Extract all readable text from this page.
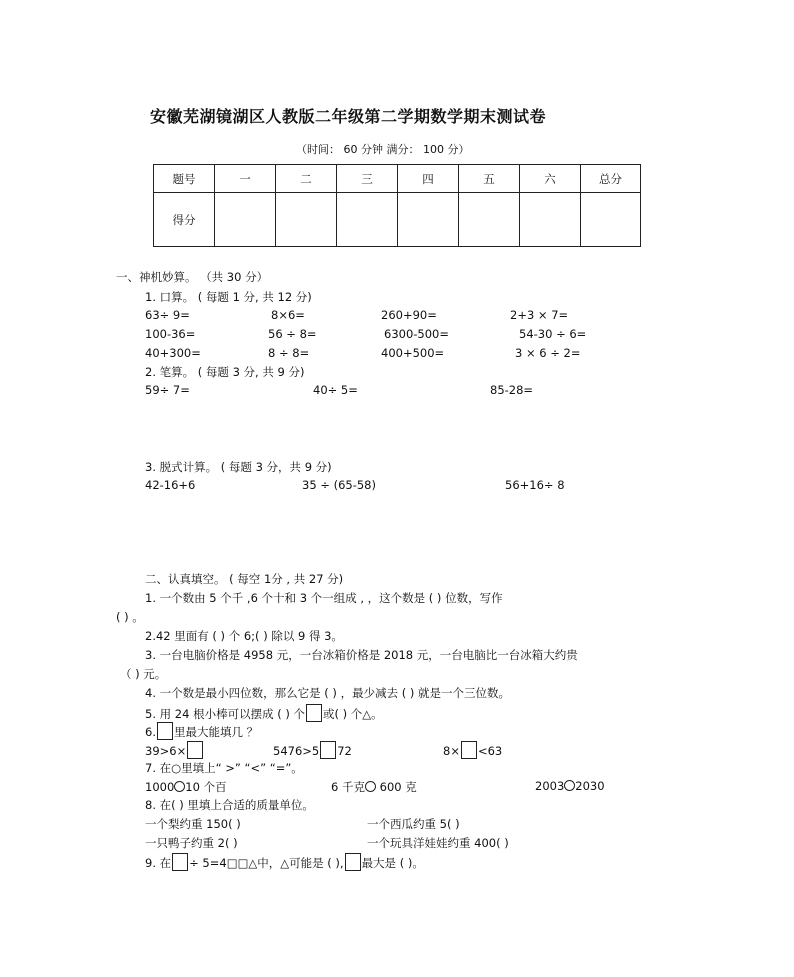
安徽芜湖镜湖区人教版二年级第二学期数学期末测试卷
（时间： 60 分钟 满分： 100 分）
题号	一	二	三	四	五	六	总分
得分							
一、神机妙算。 （共 30 分）
1. 口算。 ( 每题 1 分, 共 12 分)
63÷ 9=	8×6=	260+90=	2+3 × 7=
100-36=	56 ÷ 8=	6300-500=	54-30 ÷ 6=
40+300=	8 ÷ 8=	400+500=	3 × 6 ÷ 2=
2. 笔算。 ( 每题 3 分, 共 9 分)
59÷ 7=	40÷ 5=	85-28=
3. 脱式计算。 ( 每题 3 分，共 9 分)
42-16+6	35 ÷ (65-58)	56+16÷ 8
二、认真填空。 ( 每空 1分 , 共 27 分)
1. 一个数由 5 个千 ,6 个十和 3 个一组成 , ，这个数是 ( ) 位数，写作
( ) 。
2.42 里面有 ( ) 个 6;( ) 除以 9 得 3。
3. 一台电脑价格是 4958 元，一台冰箱价格是 2018 元，一台电脑比一台冰箱大约贵
（ ) 元。
4. 一个数是最小四位数，那么它是 ( ) ，最少减去 ( ) 就是一个三位数。
5. 用 24 根小棒可以摆成 ( ) 个 或( ) 个△。
6. 里最大能填几 ？
39>6×	5476>5 72	8× <63
7. 在○里填上“ >” “<” “=”。
1000 10 个百	6 千克 600 克	2003 2030
8. 在( ) 里填上合适的质量单位。
一个梨约重 150( )	一个西瓜约重 5( )
一只鸭子约重 2( )	一个玩具洋娃娃约重 400( )
9. 在 ÷ 5=4□□△中，△可能是 ( ), 最大是 ( )。
